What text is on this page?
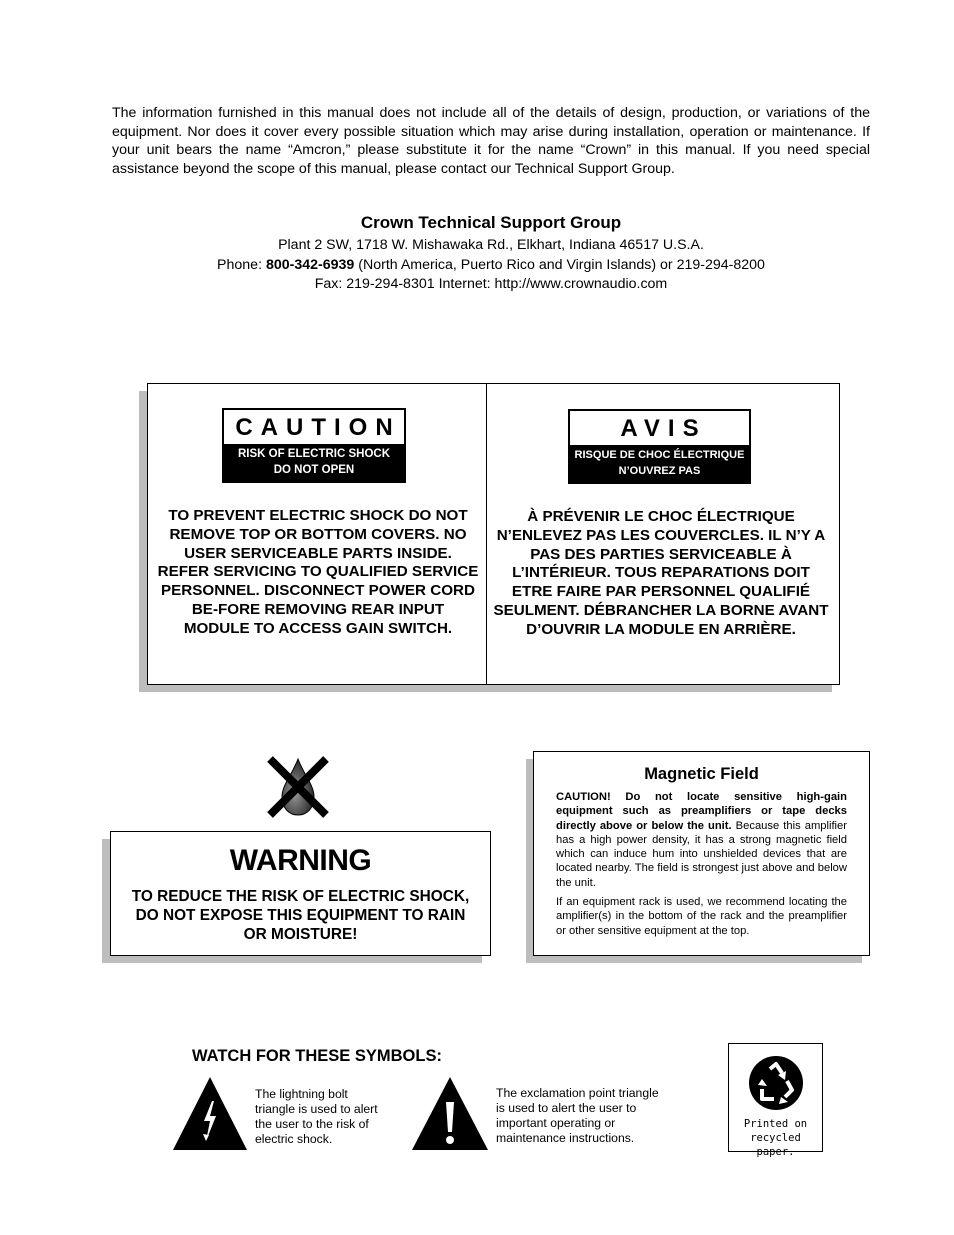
The information furnished in this manual does not include all of the details of design, production, or variations of the equipment. Nor does it cover every possible situation which may arise during installation, operation or maintenance. If your unit bears the name “Amcron,” please substitute it for the name “Crown” in this manual. If you need special assistance beyond the scope of this manual, please contact our Technical Support Group.
Crown Technical Support Group
Plant 2 SW, 1718 W. Mishawaka Rd., Elkhart, Indiana 46517 U.S.A.
Phone: 800-342-6939 (North America, Puerto Rico and Virgin Islands) or 219-294-8200
Fax: 219-294-8301 Internet: http://www.crownaudio.com
CAUTION
RISK OF ELECTRIC SHOCK
DO NOT OPEN
TO PREVENT ELECTRIC SHOCK DO NOT REMOVE TOP OR BOTTOM COVERS. NO USER SERVICEABLE PARTS INSIDE. REFER SERVICING TO QUALIFIED SERVICE PERSONNEL. DISCONNECT POWER CORD BE-FORE REMOVING REAR INPUT MODULE TO ACCESS GAIN SWITCH.
AVIS
RISQUE DE CHOC ÉLECTRIQUE
N’OUVREZ PAS
À PRÉVENIR LE CHOC ÉLECTRIQUE N’ENLEVEZ PAS LES COUVERCLES. IL N’Y A PAS DES PARTIES SERVICEABLE À L’INTÉRIEUR. TOUS REPARATIONS DOIT ETRE FAIRE PAR PERSONNEL QUALIFIÉ SEULMENT. DÉBRANCHER LA BORNE AVANT D’OUVRIR LA MODULE EN ARRIÈRE.
WARNING
TO REDUCE THE RISK OF ELECTRIC SHOCK, DO NOT EXPOSE THIS EQUIPMENT TO RAIN OR MOISTURE!
Magnetic Field

CAUTION! Do not locate sensitive high-gain equipment such as preamplifiers or tape decks directly above or below the unit. Because this amplifier has a high power density, it has a strong magnetic field which can induce hum into unshielded devices that are located nearby. The field is strongest just above and below the unit.

If an equipment rack is used, we recommend locating the amplifier(s) in the bottom of the rack and the preamplifier or other sensitive equipment at the top.

WATCH FOR THESE SYMBOLS:
The lightning bolt triangle is used to alert the user to the risk of electric shock.
The exclamation point triangle is used to alert the user to important operating or maintenance instructions.
Printed on
recycled paper.
